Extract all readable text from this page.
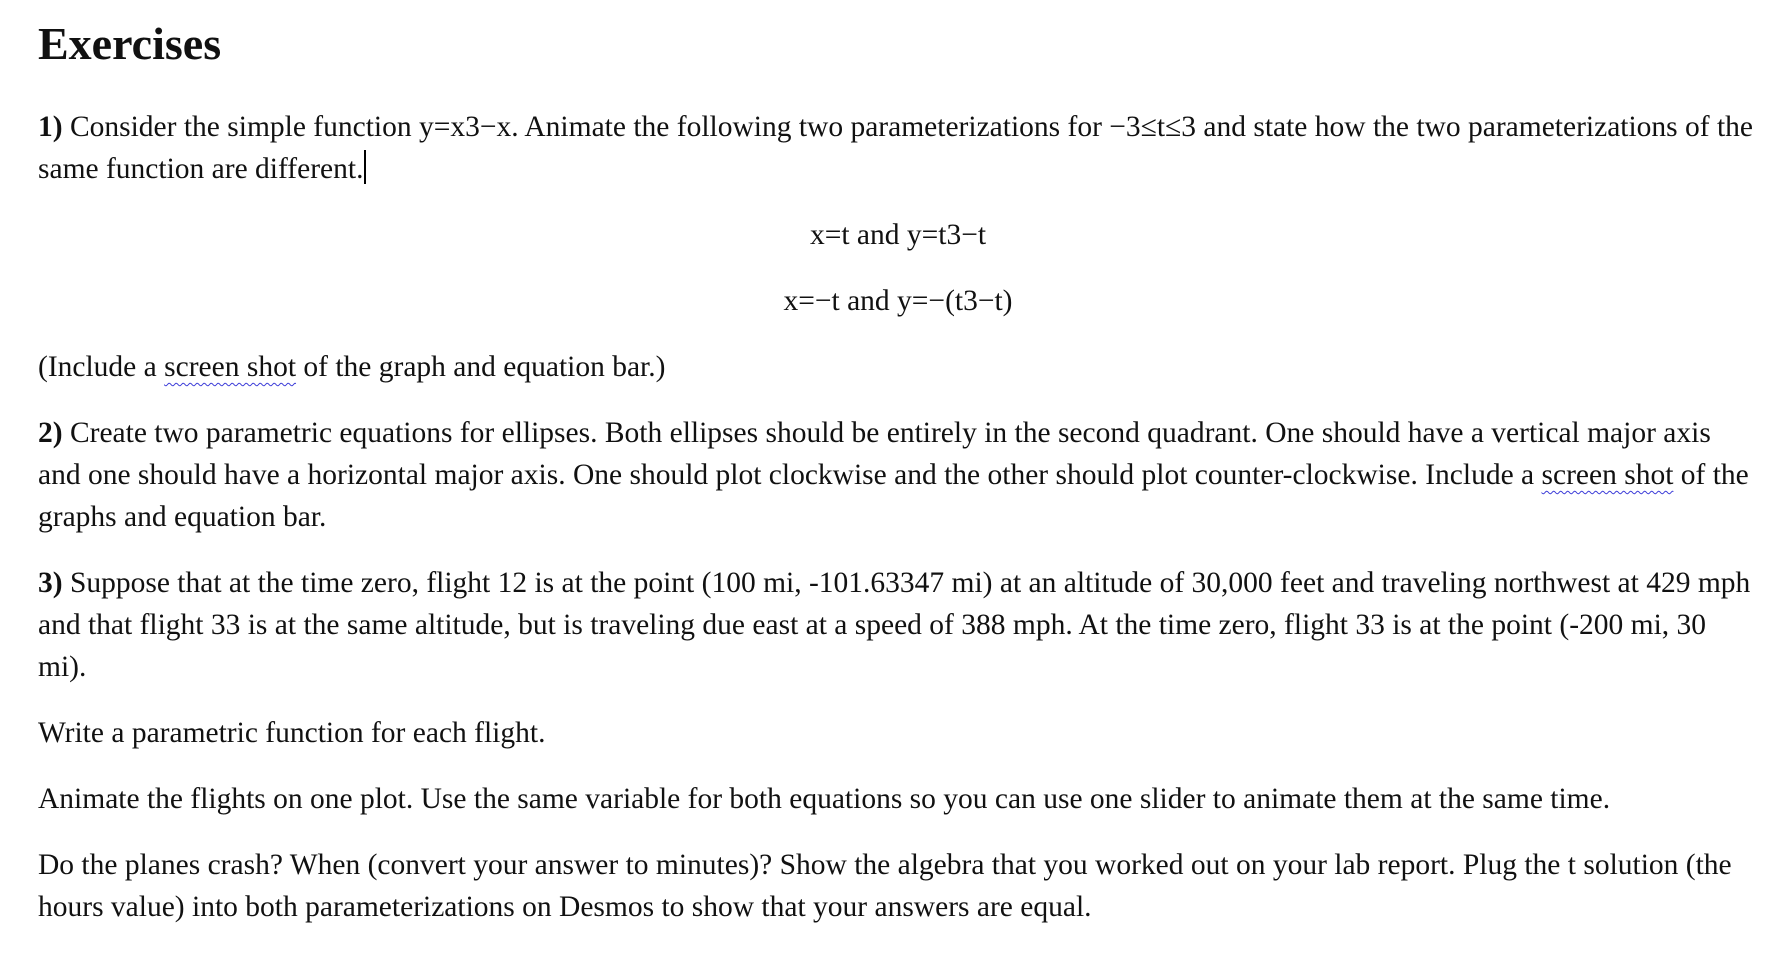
Exercises

1) Consider the simple function y=x3−x. Animate the following two parameterizations for −3≤t≤3 and state how the two parameterizations of the same function are different.

x=t and y=t3−t

x=−t and y=−(t3−t)

(Include a screen shot of the graph and equation bar.)

2) Create two parametric equations for ellipses. Both ellipses should be entirely in the second quadrant. One should have a vertical major axis and one should have a horizontal major axis. One should plot clockwise and the other should plot counter-clockwise. Include a screen shot of the graphs and equation bar.

3) Suppose that at the time zero, flight 12 is at the point (100 mi, -101.63347 mi) at an altitude of 30,000 feet and traveling northwest at 429 mph and that flight 33 is at the same altitude, but is traveling due east at a speed of 388 mph. At the time zero, flight 33 is at the point (-200 mi, 30 mi).

Write a parametric function for each flight.

Animate the flights on one plot. Use the same variable for both equations so you can use one slider to animate them at the same time.

Do the planes crash? When (convert your answer to minutes)? Show the algebra that you worked out on your lab report. Plug the t solution (the hours value) into both parameterizations on Desmos to show that your answers are equal.
